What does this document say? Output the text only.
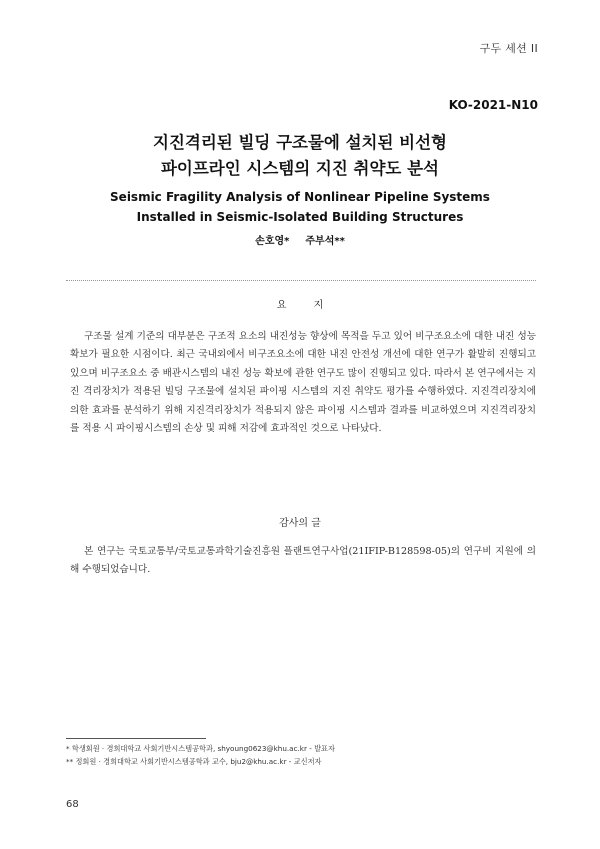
구두 세션 II
KO-2021-N10
지진격리된 빌딩 구조물에 설치된 비선형
파이프라인 시스템의 지진 취약도 분석
Seismic Fragility Analysis of Nonlinear Pipeline Systems
Installed in Seismic-Isolated Building Structures
손호영* 주부석**
요 지

구조물 설계 기준의 대부분은 구조적 요소의 내진성능 향상에 목적을 두고 있어 비구조요소에 대한 내진 성능 확보가 필요한 시점이다. 최근 국내외에서 비구조요소에 대한 내진 안전성 개선에 대한 연구가 활발히 진행되고 있으며 비구조요소 중 배관시스템의 내진 성능 확보에 관한 연구도 많이 진행되고 있다. 따라서 본 연구에서는 지진 격리장치가 적용된 빌딩 구조물에 설치된 파이핑 시스템의 지진 취약도 평가를 수행하였다. 지진격리장치에 의한 효과를 분석하기 위해 지진격리장치가 적용되지 않은 파이핑 시스템과 결과를 비교하였으며 지진격리장치를 적용 시 파이핑시스템의 손상 및 피해 저감에 효과적인 것으로 나타났다.

감사의 글

본 연구는 국토교통부/국토교통과학기술진흥원 플랜트연구사업(21IFIP-B128598-05)의 연구비 지원에 의해 수행되었습니다.

* 학생회원 · 경희대학교 사회기반시스템공학과, shyoung0623@khu.ac.kr - 발표자
** 정회원 · 경희대학교 사회기반시스템공학과 교수, bju2@khu.ac.kr - 교신저자
68
